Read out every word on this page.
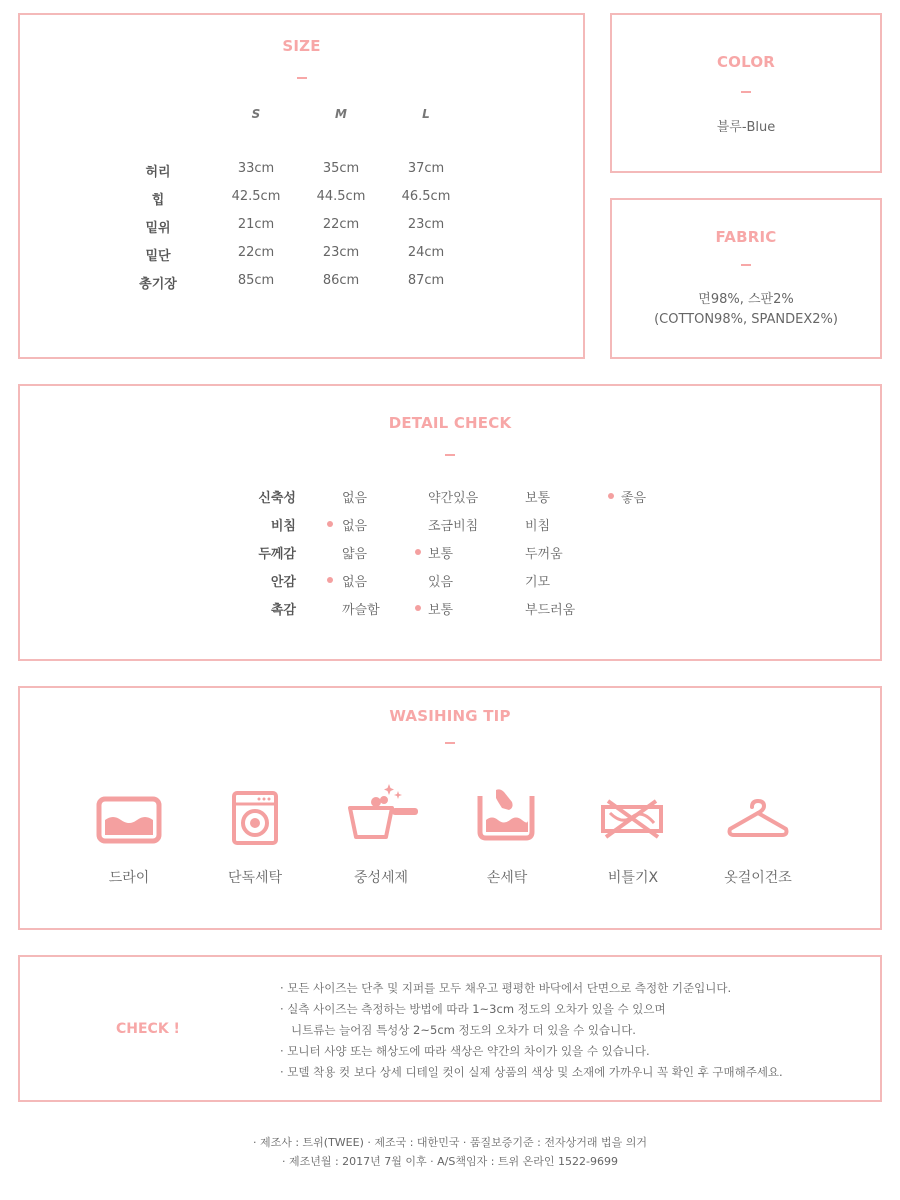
SIZE
S	M	L
허리	33cm	35cm	37cm
힙	42.5cm	44.5cm	46.5cm
밑위	21cm	22cm	23cm
밑단	22cm	23cm	24cm
총기장	85cm	86cm	87cm
COLOR
블루-Blue
FABRIC
면98%, 스판2%
(COTTON98%, SPANDEX2%)
DETAIL CHECK
신축성	없음	약간있음	보통	좋음
비침	없음	조금비침	비침
두께감	얇음	보통	두꺼움
안감	없음	있음	기모
촉감	까슬함	보통	부드러움
WASIHING TIP
드라이	단독세탁	중성세제	손세탁	비틀기X	옷걸이건조
CHECK !
· 모든 사이즈는 단추 및 지퍼를 모두 채우고 평평한 바닥에서 단면으로 측정한 기준입니다.
· 실측 사이즈는 측정하는 방법에 따라 1~3cm 정도의 오차가 있을 수 있으며
니트류는 늘어짐 특성상 2~5cm 정도의 오차가 더 있을 수 있습니다.
· 모니터 사양 또는 해상도에 따라 색상은 약간의 차이가 있을 수 있습니다.
· 모델 착용 컷 보다 상세 디테일 컷이 실제 상품의 색상 및 소재에 가까우니 꼭 확인 후 구매해주세요.
· 제조사 : 트위(TWEE) · 제조국 : 대한민국 · 품질보증기준 : 전자상거래 법을 의거
· 제조년월 : 2017년 7월 이후 · A/S책임자 : 트위 온라인 1522-9699
